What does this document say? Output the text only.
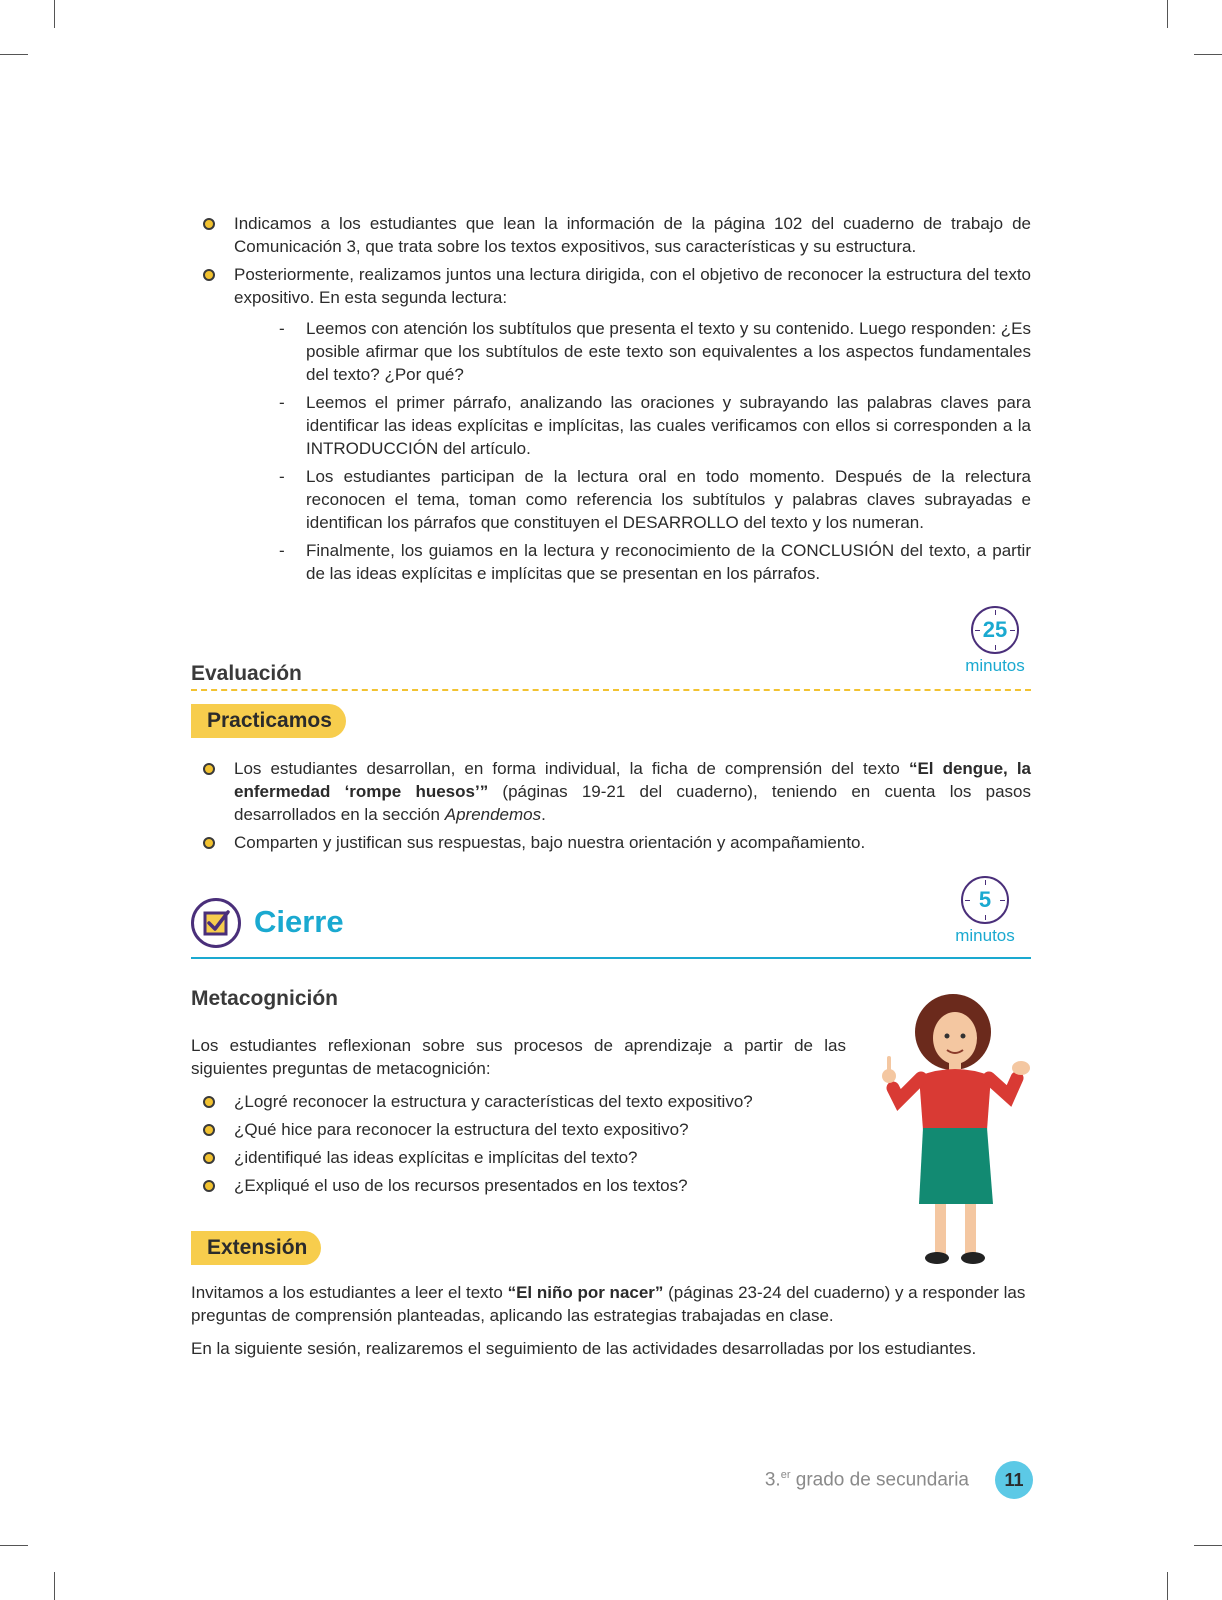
Indicamos a los estudiantes que lean la información de la página 102 del cuaderno de trabajo de Comunicación 3, que trata sobre los textos expositivos, sus características y su estructura.
Posteriormente, realizamos juntos una lectura dirigida, con el objetivo de reconocer la estructura del texto expositivo. En esta segunda lectura:
- Leemos con atención los subtítulos que presenta el texto y su contenido. Luego responden: ¿Es posible afirmar que los subtítulos de este texto son equivalentes a los aspectos fundamentales del texto? ¿Por qué?
- Leemos el primer párrafo, analizando las oraciones y subrayando las palabras claves para identificar las ideas explícitas e implícitas, las cuales verificamos con ellos si corresponden a la INTRODUCCIÓN del artículo.
- Los estudiantes participan de la lectura oral en todo momento. Después de la relectura reconocen el tema, toman como referencia los subtítulos y palabras claves subrayadas e identifican los párrafos que constituyen el DESARROLLO del texto y los numeran.
- Finalmente, los guiamos en la lectura y reconocimiento de la CONCLUSIÓN del texto, a partir de las ideas explícitas e implícitas que se presentan en los párrafos.
Evaluación
25
minutos
Practicamos
Los estudiantes desarrollan, en forma individual, la ficha de comprensión del texto “El dengue, la enfermedad ‘rompe huesos’” (páginas 19-21 del cuaderno), teniendo en cuenta los pasos desarrollados en la sección Aprendemos.
Comparten y justifican sus respuestas, bajo nuestra orientación y acompañamiento.
Cierre
5
minutos
Metacognición

Los estudiantes reflexionan sobre sus procesos de aprendizaje a partir de las siguientes preguntas de metacognición:

¿Logré reconocer la estructura y características del texto expositivo?
¿Qué hice para reconocer la estructura del texto expositivo?
¿identifiqué las ideas explícitas e implícitas del texto?
¿Expliqué el uso de los recursos presentados en los textos?
Extensión

Invitamos a los estudiantes a leer el texto “El niño por nacer” (páginas 23-24 del cuaderno) y a responder las preguntas de comprensión planteadas, aplicando las estrategias trabajadas en clase.

En la siguiente sesión, realizaremos el seguimiento de las actividades desarrolladas por los estudiantes.

3.$^{er}$ grado de secundaria	11
